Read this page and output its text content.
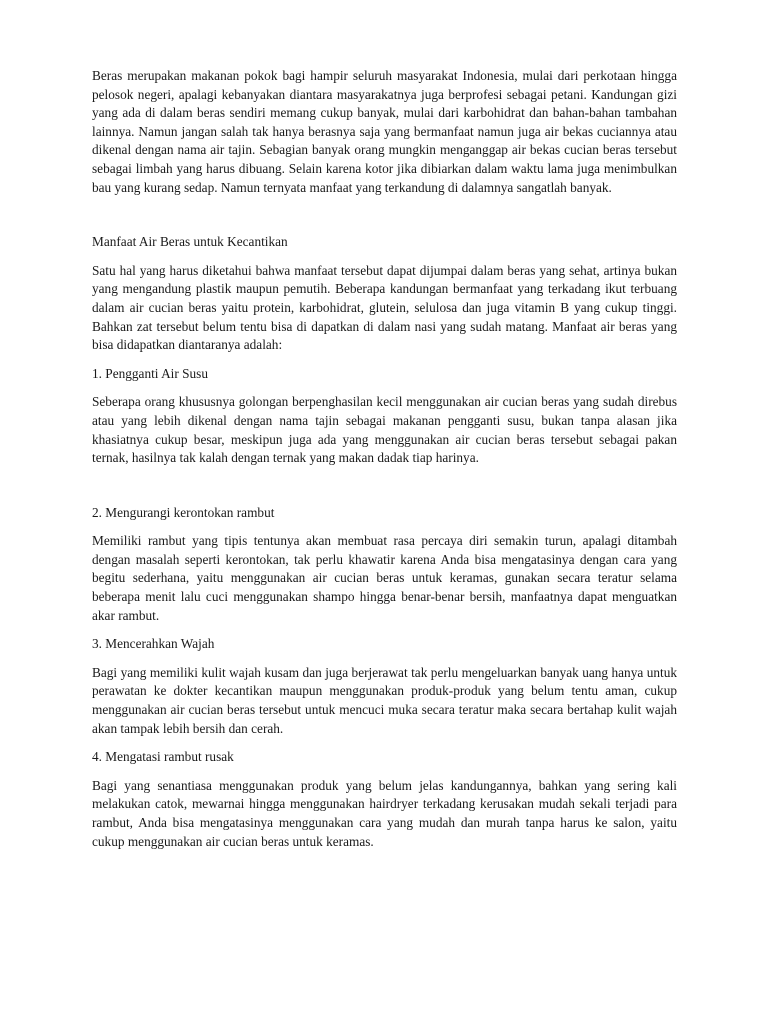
Beras merupakan makanan pokok bagi hampir seluruh masyarakat Indonesia, mulai dari perkotaan hingga pelosok negeri, apalagi kebanyakan diantara masyarakatnya juga berprofesi sebagai petani. Kandungan gizi yang ada di dalam beras sendiri memang cukup banyak, mulai dari karbohidrat dan bahan-bahan tambahan lainnya. Namun jangan salah tak hanya berasnya saja yang bermanfaat namun juga air bekas cuciannya atau dikenal dengan nama air tajin. Sebagian banyak orang mungkin menganggap air bekas cucian beras tersebut sebagai limbah yang harus dibuang. Selain karena kotor jika dibiarkan dalam waktu lama juga menimbulkan bau yang kurang sedap. Namun ternyata manfaat yang terkandung di dalamnya sangatlah banyak.

Manfaat Air Beras untuk Kecantikan

Satu hal yang harus diketahui bahwa manfaat tersebut dapat dijumpai dalam beras yang sehat, artinya bukan yang mengandung plastik maupun pemutih. Beberapa kandungan bermanfaat yang terkadang ikut terbuang dalam air cucian beras yaitu protein, karbohidrat, glutein, selulosa dan juga vitamin B yang cukup tinggi. Bahkan zat tersebut belum tentu bisa di dapatkan di dalam nasi yang sudah matang. Manfaat air beras yang bisa didapatkan diantaranya adalah:

1. Pengganti Air Susu

Seberapa orang khususnya golongan berpenghasilan kecil menggunakan air cucian beras yang sudah direbus atau yang lebih dikenal dengan nama tajin sebagai makanan pengganti susu, bukan tanpa alasan jika khasiatnya cukup besar, meskipun juga ada yang menggunakan air cucian beras tersebut sebagai pakan ternak, hasilnya tak kalah dengan ternak yang makan dadak tiap harinya.

2. Mengurangi kerontokan rambut

Memiliki rambut yang tipis tentunya akan membuat rasa percaya diri semakin turun, apalagi ditambah dengan masalah seperti kerontokan, tak perlu khawatir karena Anda bisa mengatasinya dengan cara yang begitu sederhana, yaitu menggunakan air cucian beras untuk keramas, gunakan secara teratur selama beberapa menit lalu cuci menggunakan shampo hingga benar-benar bersih, manfaatnya dapat menguatkan akar rambut.

3. Mencerahkan Wajah

Bagi yang memiliki kulit wajah kusam dan juga berjerawat tak perlu mengeluarkan banyak uang hanya untuk perawatan ke dokter kecantikan maupun menggunakan produk-produk yang belum tentu aman, cukup menggunakan air cucian beras tersebut untuk mencuci muka secara teratur maka secara bertahap kulit wajah akan tampak lebih bersih dan cerah.

4. Mengatasi rambut rusak

Bagi yang senantiasa menggunakan produk yang belum jelas kandungannya, bahkan yang sering kali melakukan catok, mewarnai hingga menggunakan hairdryer terkadang kerusakan mudah sekali terjadi para rambut, Anda bisa mengatasinya menggunakan cara yang mudah dan murah tanpa harus ke salon, yaitu cukup menggunakan air cucian beras untuk keramas.
